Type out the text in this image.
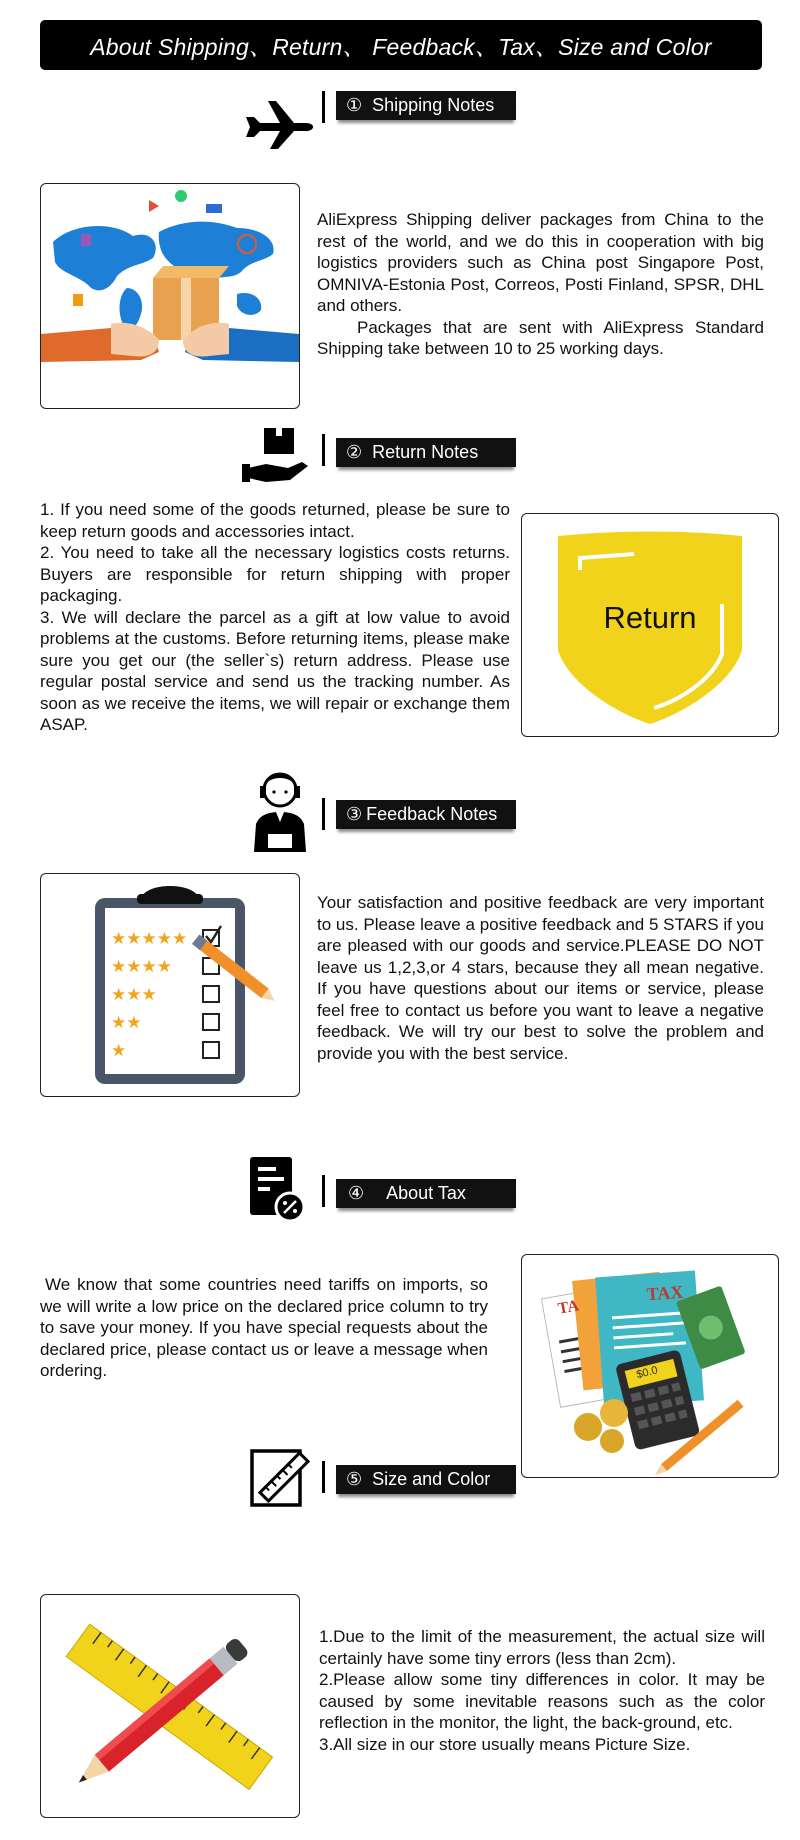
About Shipping、Return、 Feedback、Tax、Size and Color
① Shipping Notes

AliExpress Shipping deliver packages from China to the rest of the world, and we do this in cooperation with big logistics providers such as China post Singapore Post, OMNIVA-Estonia Post, Correos, Posti Finland, SPSR, DHL and others.

Packages that are sent with AliExpress Standard Shipping take between 10 to 25 working days.

② Return Notes

1. If you need some of the goods returned, please be sure to keep return goods and accessories intact.

2. You need to take all the necessary logistics costs returns. Buyers are responsible for return shipping with proper packaging.

3. We will declare the parcel as a gift at low value to avoid problems at the customs. Before returning items, please make sure you get our (the seller`s) return address. Please use regular postal service and send us the tracking number. As soon as we receive the items, we will repair or exchange them ASAP.

Return
③ Feedback Notes
★★★★★
★★★★
★★★
★★
★

Your satisfaction and positive feedback are very important to us. Please leave a positive feedback and 5 STARS if you are pleased with our goods and service.PLEASE DO NOT leave us 1,2,3,or 4 stars, because they all mean negative. If you have questions about our items or service, please feel free to contact us before you want to leave a negative feedback. We will try our best to solve the problem and provide you with the best service.

④ About Tax

We know that some countries need tariffs on imports, so we will write a low price on the declared price column to try to save your money. If you have special requests about the declared price, please contact us or leave a message when ordering.

TAX
TA
$0.0
⑤ Size and Color

1.Due to the limit of the measurement, the actual size will certainly have some tiny errors (less than 2cm).

2.Please allow some tiny differences in color. It may be caused by some inevitable reasons such as the color reflection in the monitor, the light, the back-ground, etc.

3.All size in our store usually means Picture Size.
